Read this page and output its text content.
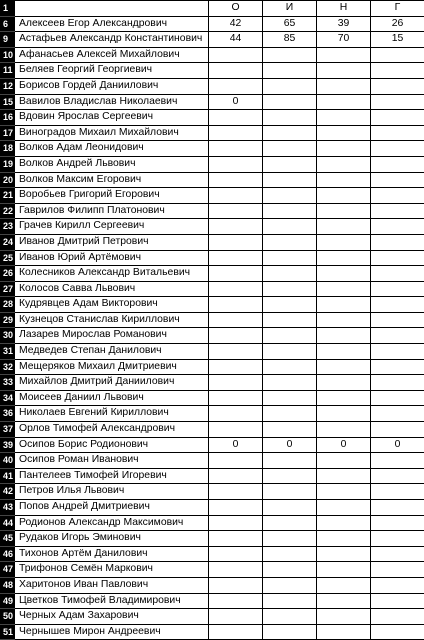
1		О	И	Н	Г
6	Алексеев Егор Александрович	42	65	39	26
9	Астафьев Александр Константинович	44	85	70	15
10	Афанасьев Алексей Михайлович				
11	Беляев Георгий Георгиевич				
12	Борисов Гордей Даниилович				
15	Вавилов Владислав Николаевич	0			
16	Вдовин Ярослав Сергеевич				
17	Виноградов Михаил Михайлович				
18	Волков Адам Леонидович				
19	Волков Андрей Львович				
20	Волков Максим Егорович				
21	Воробьев Григорий Егорович				
22	Гаврилов Филипп Платонович				
23	Грачев Кирилл Сергеевич				
24	Иванов Дмитрий Петрович				
25	Иванов Юрий Артёмович				
26	Колесников Александр Витальевич				
27	Колосов Савва Львович				
28	Кудрявцев Адам Викторович				
29	Кузнецов Станислав Кириллович				
30	Лазарев Мирослав Романович				
31	Медведев Степан Данилович				
32	Мещеряков Михаил Дмитриевич				
33	Михайлов Дмитрий Даниилович				
34	Моисеев Даниил Львович				
36	Николаев Евгений Кириллович				
37	Орлов Тимофей Александрович				
39	Осипов Борис Родионович	0	0	0	0
40	Осипов Роман Иванович				
41	Пантелеев Тимофей Игоревич				
42	Петров Илья Львович				
43	Попов Андрей Дмитриевич				
44	Родионов Александр Максимович				
45	Рудаков Игорь Эминович				
46	Тихонов Артём Данилович				
47	Трифонов Семён Маркович				
48	Харитонов Иван Павлович				
49	Цветков Тимофей Владимирович				
50	Черных Адам Захарович				
51	Чернышев Мирон Андреевич				
